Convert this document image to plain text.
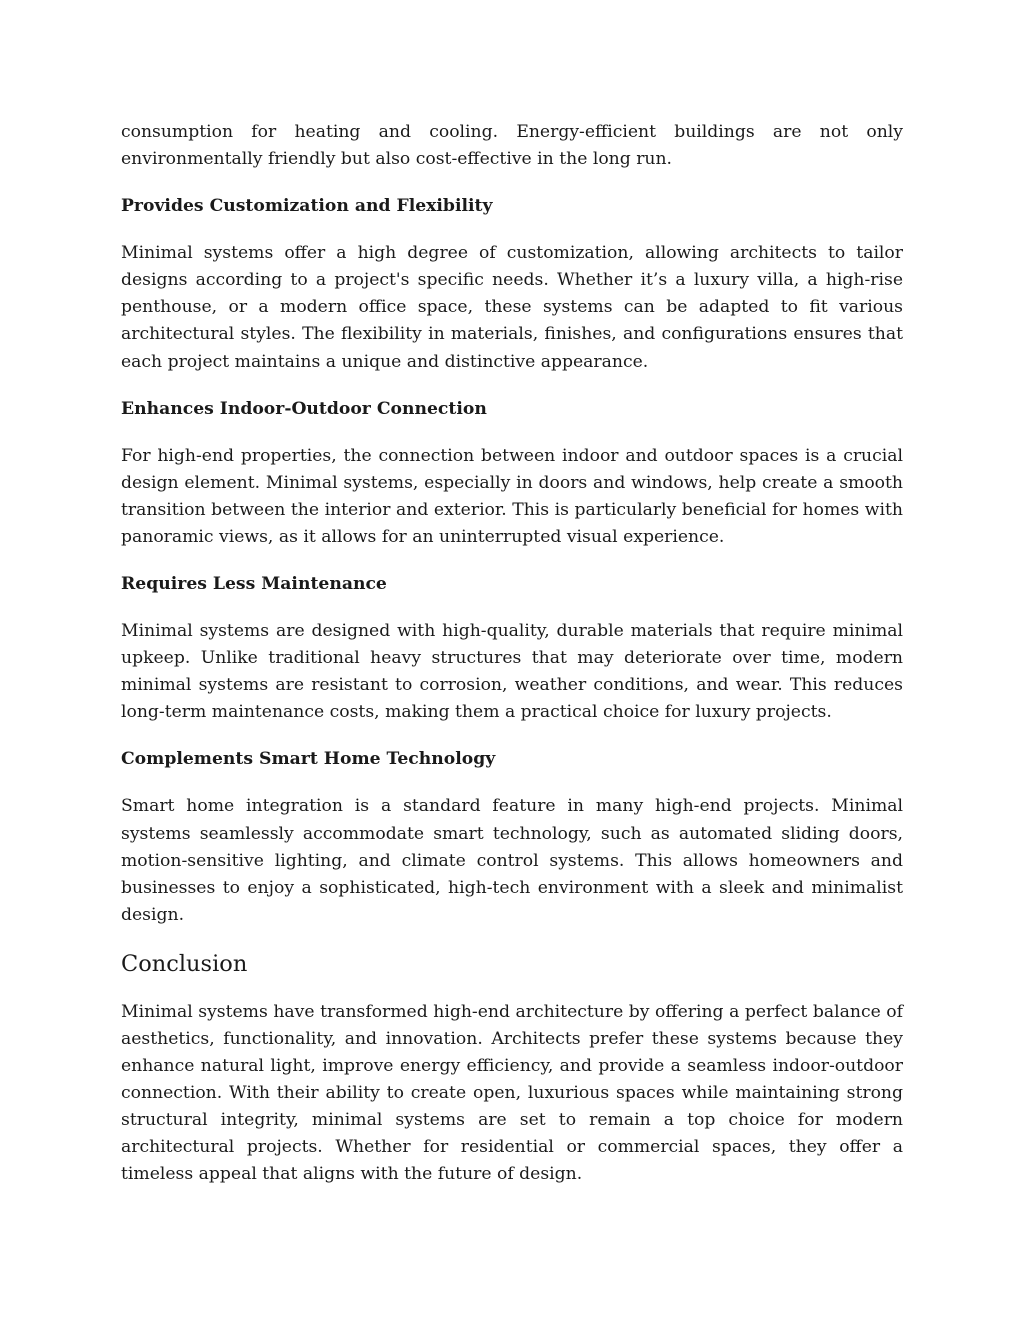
consumption for heating and cooling. Energy-efficient buildings are not only environmentally friendly but also cost-effective in the long run.

Provides Customization and Flexibility

Minimal systems offer a high degree of customization, allowing architects to tailor designs according to a project's specific needs. Whether it’s a luxury villa, a high-rise penthouse, or a modern office space, these systems can be adapted to fit various architectural styles. The flexibility in materials, finishes, and configurations ensures that each project maintains a unique and distinctive appearance.

Enhances Indoor-Outdoor Connection

For high-end properties, the connection between indoor and outdoor spaces is a crucial design element. Minimal systems, especially in doors and windows, help create a smooth transition between the interior and exterior. This is particularly beneficial for homes with panoramic views, as it allows for an uninterrupted visual experience.

Requires Less Maintenance

Minimal systems are designed with high-quality, durable materials that require minimal upkeep. Unlike traditional heavy structures that may deteriorate over time, modern minimal systems are resistant to corrosion, weather conditions, and wear. This reduces long-term maintenance costs, making them a practical choice for luxury projects.

Complements Smart Home Technology

Smart home integration is a standard feature in many high-end projects. Minimal systems seamlessly accommodate smart technology, such as automated sliding doors, motion-sensitive lighting, and climate control systems. This allows homeowners and businesses to enjoy a sophisticated, high-tech environment with a sleek and minimalist design.

Conclusion

Minimal systems have transformed high-end architecture by offering a perfect balance of aesthetics, functionality, and innovation. Architects prefer these systems because they enhance natural light, improve energy efficiency, and provide a seamless indoor-outdoor connection. With their ability to create open, luxurious spaces while maintaining strong structural integrity, minimal systems are set to remain a top choice for modern architectural projects. Whether for residential or commercial spaces, they offer a timeless appeal that aligns with the future of design.
